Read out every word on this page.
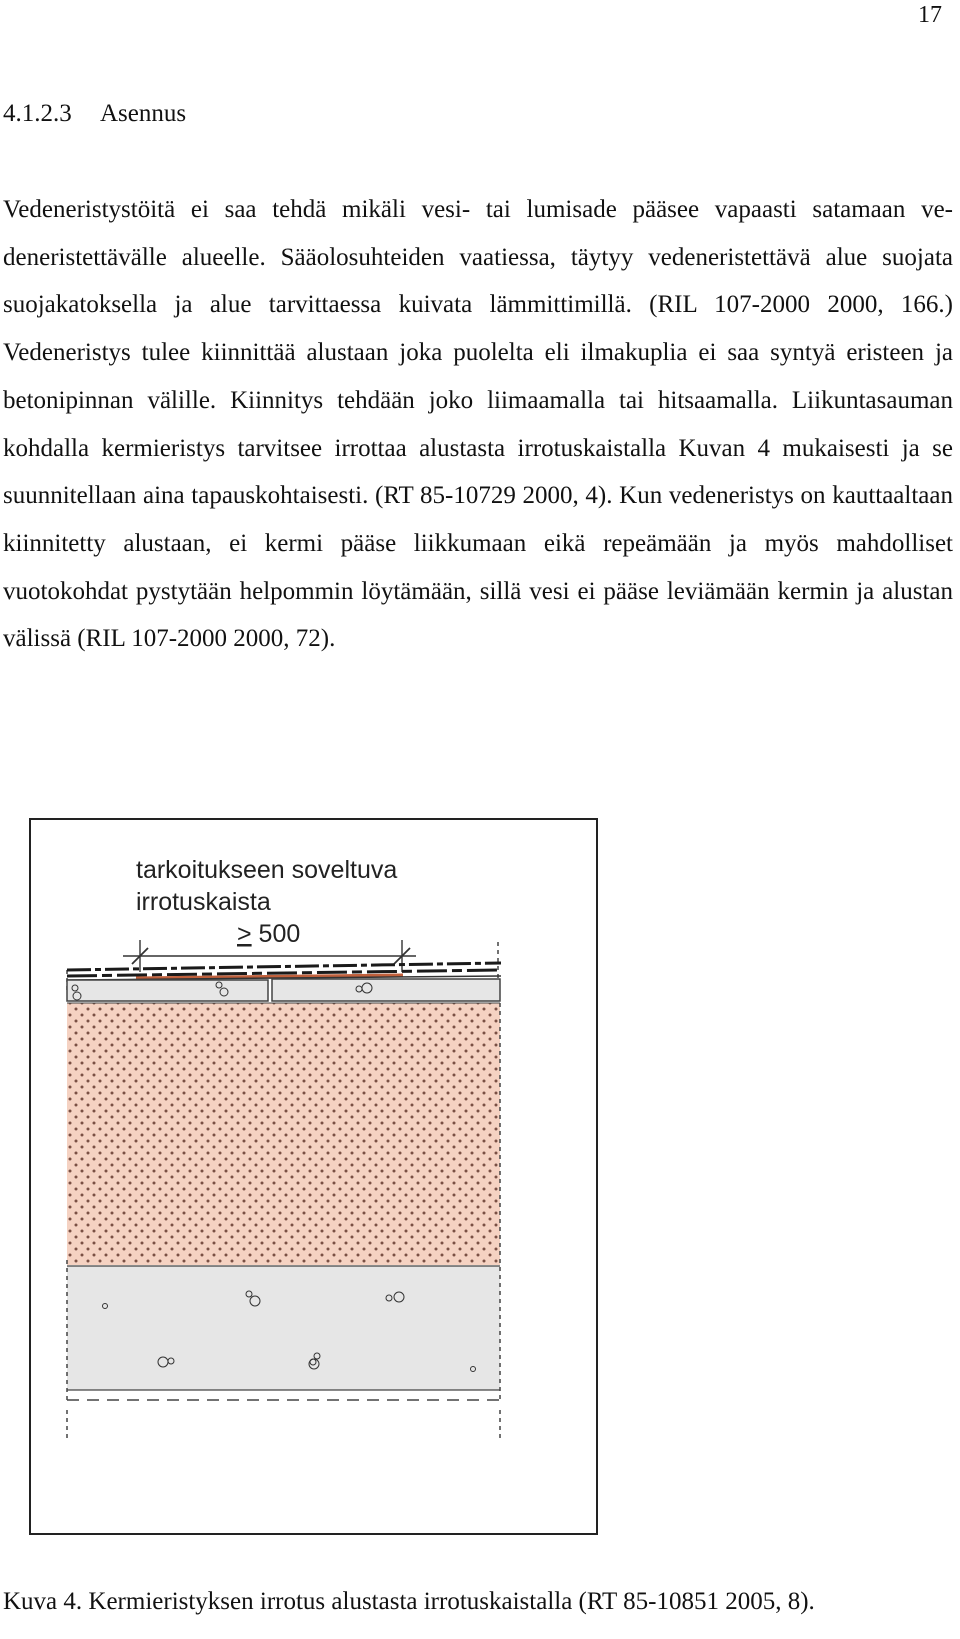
17
4.1.2.3 Asennus

Vedeneristystöitä ei saa tehdä mikäli vesi- tai lumisade pääsee vapaasti satamaan vedeneristettävälle alueelle. Sääolosuhteiden vaatiessa, täytyy vedeneristettävä alue suojata suojakatoksella ja alue tarvittaessa kuivata lämmittimillä. (RIL 107-2000 2000, 166.) Vedeneristys tulee kiinnittää alustaan joka puolelta eli ilmakuplia ei saa syntyä eristeen ja betonipinnan välille. Kiinnitys tehdään joko liimaamalla tai hitsaamalla. Liikuntasauman kohdalla kermieristys tarvitsee irrottaa alustasta irrotuskaistalla Kuvan 4 mukaisesti ja se suunnitellaan aina tapauskohtaisesti. (RT 85-10729 2000, 4). Kun vedeneristys on kauttaaltaan kiinnitetty alustaan, ei kermi pääse liikkumaan eikä repeämään ja myös mahdolliset vuotokohdat pystytään helpommin löytämään, sillä vesi ei pääse leviämään kermin ja alustan välissä (RIL 107-2000 2000, 72).

tarkoitukseen soveltuva
irrotuskaista
> 500
Kuva 4. Kermieristyksen irrotus alustasta irrotuskaistalla (RT 85-10851 2005, 8).
